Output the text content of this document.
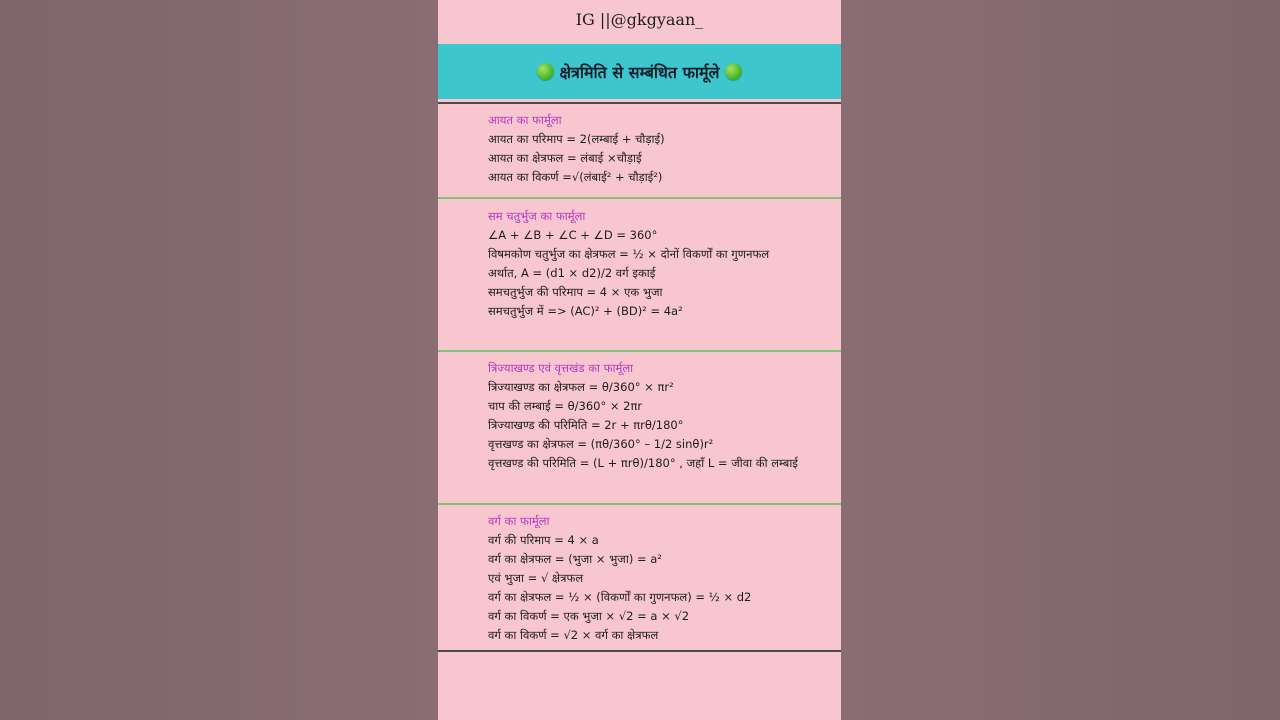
IG ||@gkgyaan_
क्षेत्रमिति से सम्बंधित फार्मूले
आयत का फार्मूला
आयत का परिमाप = 2(लम्बाई + चौड़ाई)
आयत का क्षेत्रफल = लंबाई ×चौड़ाई
आयत का विकर्ण =√(लंबाई² + चौड़ाई²)
सम चतुर्भुज का फार्मूला
∠A + ∠B + ∠C + ∠D = 360°
विषमकोण चतुर्भुज का क्षेत्रफल = ½ × दोनों विकर्णों का गुणनफल
अर्थात, A = (d1 × d2)/2 वर्ग इकाई
समचतुर्भुज की परिमाप = 4 × एक भुजा
समचतुर्भुज में => (AC)² + (BD)² = 4a²
त्रिज्याखण्ड एवं वृत्तखंड का फार्मूला
त्रिज्याखण्ड का क्षेत्रफल = θ/360° × πr²
चाप की लम्बाई = θ/360° × 2πr
त्रिज्याखण्ड की परिमिति = 2r + πrθ/180°
वृत्तखण्ड का क्षेत्रफल = (πθ/360° – 1/2 sinθ)r²
वृत्तखण्ड की परिमिति = (L + πrθ)/180° , जहाँ L = जीवा की लम्बाई
वर्ग का फार्मूला
वर्ग की परिमाप = 4 × a
वर्ग का क्षेत्रफल = (भुजा × भुजा) = a²
एवं भुजा = √ क्षेत्रफल
वर्ग का क्षेत्रफल = ½ × (विकर्णों का गुणनफल) = ½ × d2
वर्ग का विकर्ण = एक भुजा × √2 = a × √2
वर्ग का विकर्ण = √2 × वर्ग का क्षेत्रफल
